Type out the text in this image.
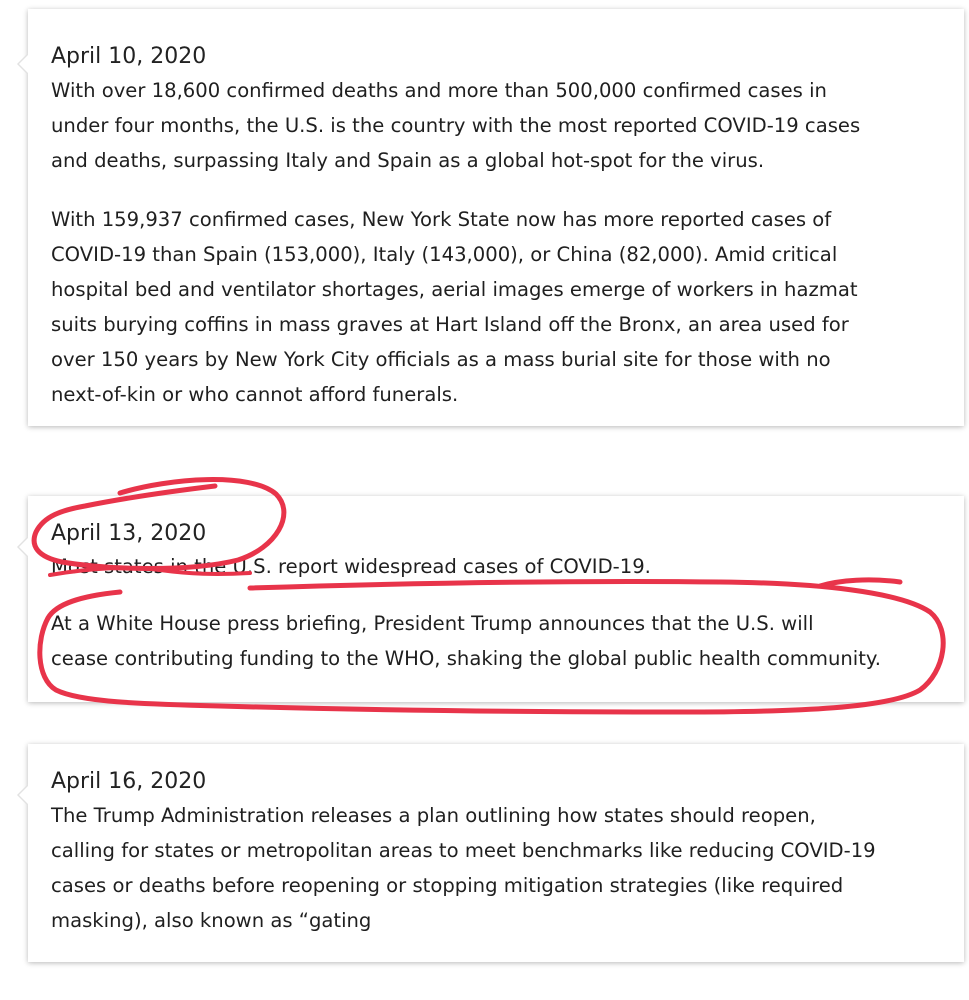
April 10, 2020

With over 18,600 confirmed deaths and more than 500,000 confirmed cases in
under four months, the U.S. is the country with the most reported COVID-19 cases
and deaths, surpassing Italy and Spain as a global hot-spot for the virus.

With 159,937 confirmed cases, New York State now has more reported cases of
COVID-19 than Spain (153,000), Italy (143,000), or China (82,000). Amid critical
hospital bed and ventilator shortages, aerial images emerge of workers in hazmat
suits burying coffins in mass graves at Hart Island off the Bronx, an area used for
over 150 years by New York City officials as a mass burial site for those with no
next-of-kin or who cannot afford funerals.

April 13, 2020

Most states in the U.S. report widespread cases of COVID-19.

At a White House press briefing, President Trump announces that the U.S. will
cease contributing funding to the WHO, shaking the global public health community.

April 16, 2020

The Trump Administration releases a plan outlining how states should reopen,
calling for states or metropolitan areas to meet benchmarks like reducing COVID-19
cases or deaths before reopening or stopping mitigation strategies (like required
masking), also known as “gating
